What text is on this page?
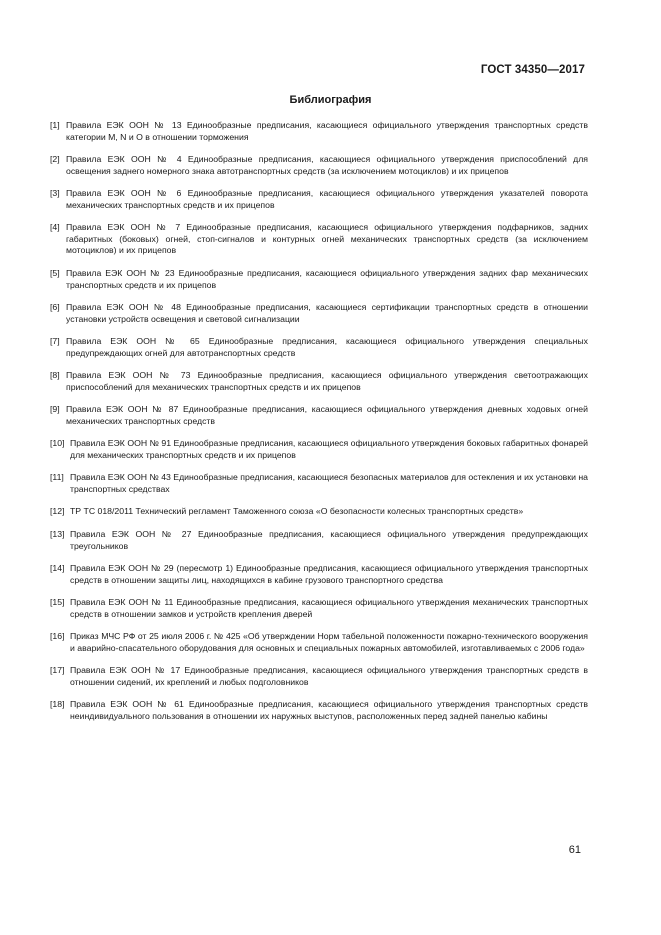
ГОСТ 34350—2017
Библиография
[1] Правила ЕЭК ООН № 13 Единообразные предписания, касающиеся официального утверждения транспортных средств категории M, N и О в отношении торможения
[2] Правила ЕЭК ООН № 4 Единообразные предписания, касающиеся официального утверждения приспособлений для освещения заднего номерного знака автотранспортных средств (за исключением мотоциклов) и их прицепов
[3] Правила ЕЭК ООН № 6 Единообразные предписания, касающиеся официального утверждения указателей поворота механических транспортных средств и их прицепов
[4] Правила ЕЭК ООН № 7 Единообразные предписания, касающиеся официального утверждения подфарников, задних габаритных (боковых) огней, стоп-сигналов и контурных огней механических транспортных средств (за исключением мотоциклов) и их прицепов
[5] Правила ЕЭК ООН № 23 Единообразные предписания, касающиеся официального утверждения задних фар механических транспортных средств и их прицепов
[6] Правила ЕЭК ООН № 48 Единообразные предписания, касающиеся сертификации транспортных средств в отношении установки устройств освещения и световой сигнализации
[7] Правила ЕЭК ООН № 65 Единообразные предписания, касающиеся официального утверждения специальных предупреждающих огней для автотранспортных средств
[8] Правила ЕЭК ООН № 73 Единообразные предписания, касающиеся официального утверждения светоотражающих приспособлений для механических транспортных средств и их прицепов
[9] Правила ЕЭК ООН № 87 Единообразные предписания, касающиеся официального утверждения дневных ходовых огней механических транспортных средств
[10] Правила ЕЭК ООН № 91 Единообразные предписания, касающиеся официального утверждения боковых габаритных фонарей для механических транспортных средств и их прицепов
[11] Правила ЕЭК ООН № 43 Единообразные предписания, касающиеся безопасных материалов для остекления и их установки на транспортных средствах
[12] ТР ТС 018/2011 Технический регламент Таможенного союза «О безопасности колесных транспортных средств»
[13] Правила ЕЭК ООН № 27 Единообразные предписания, касающиеся официального утверждения предупреждающих треугольников
[14] Правила ЕЭК ООН № 29 (пересмотр 1) Единообразные предписания, касающиеся официального утверждения транспортных средств в отношении защиты лиц, находящихся в кабине грузового транспортного средства
[15] Правила ЕЭК ООН № 11 Единообразные предписания, касающиеся официального утверждения механических транспортных средств в отношении замков и устройств крепления дверей
[16] Приказ МЧС РФ от 25 июля 2006 г. № 425 «Об утверждении Норм табельной положенности пожарно-технического вооружения и аварийно-спасательного оборудования для основных и специальных пожарных автомобилей, изготавливаемых с 2006 года»
[17] Правила ЕЭК ООН № 17 Единообразные предписания, касающиеся официального утверждения транспортных средств в отношении сидений, их креплений и любых подголовников
[18] Правила ЕЭК ООН № 61 Единообразные предписания, касающиеся официального утверждения транспортных средств неиндивидуального пользования в отношении их наружных выступов, расположенных перед задней панелью кабины
61
